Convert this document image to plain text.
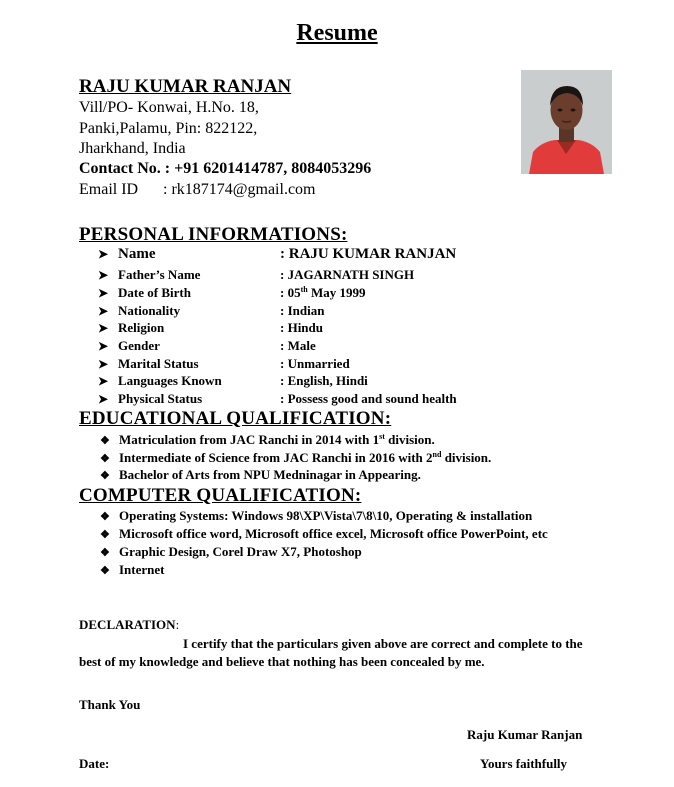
Resume
RAJU KUMAR RANJAN
Vill/PO- Konwai, H.No. 18,
Panki,Palamu, Pin: 822122,
Jharkhand, India
Contact No. : +91 6201414787, 8084053296
Email ID : rk187174@gmail.com
PERSONAL INFORMATIONS:
➤ Name	: RAJU KUMAR RANJAN
➤ Father’s Name	: JAGARNATH SINGH
➤ Date of Birth	: 05th May 1999
➤ Nationality	: Indian
➤ Religion	: Hindu
➤ Gender	: Male
➤ Marital Status	: Unmarried
➤ Languages Known	: English, Hindi
➤ Physical Status	: Possess good and sound health
EDUCATIONAL QUALIFICATION:
❖ Matriculation from JAC Ranchi in 2014 with 1st division.
❖ Intermediate of Science from JAC Ranchi in 2016 with 2nd division.
❖ Bachelor of Arts from NPU Medninagar in Appearing.
COMPUTER QUALIFICATION:
❖ Operating Systems: Windows 98\XP\Vista\7\8\10, Operating & installation
❖ Microsoft office word, Microsoft office excel, Microsoft office PowerPoint, etc
❖ Graphic Design, Corel Draw X7, Photoshop
❖ Internet
DECLARATION:
I certify that the particulars given above are correct and complete to the
best of my knowledge and believe that nothing has been concealed by me.
Thank You
Raju Kumar Ranjan
Date:	Yours faithfully
